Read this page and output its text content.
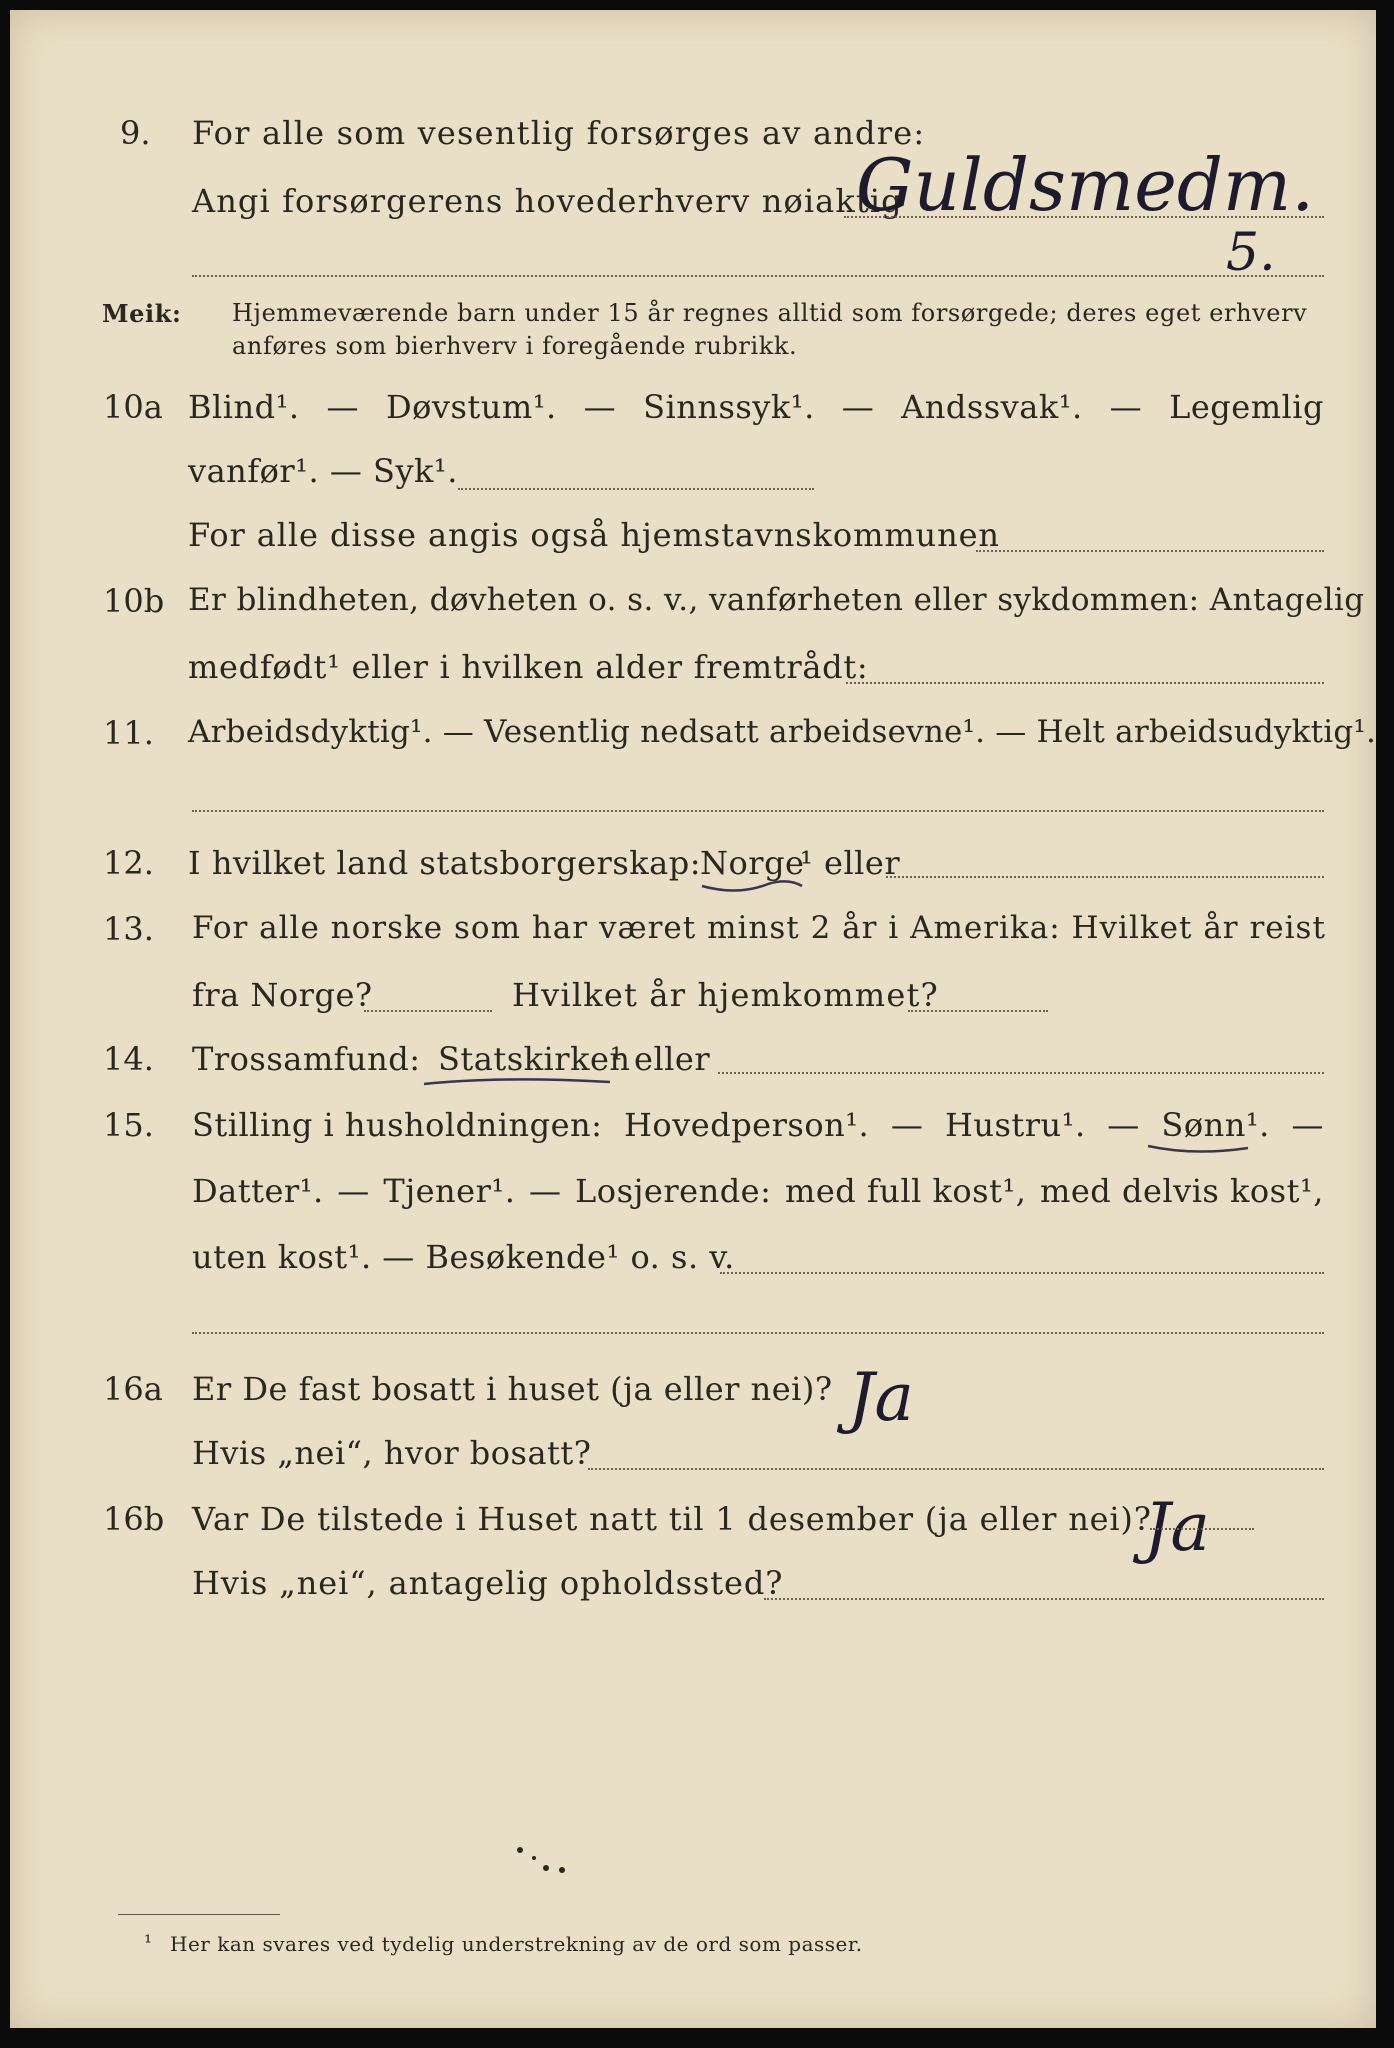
9. For alle som vesentlig forsørges av andre:
Angi forsørgerens hovederhverv nøiaktig
Guldsmedm.
5.
Meik: Hjemmeværende barn under 15 år regnes alltid som forsørgede; deres eget erhverv
anføres som bierhverv i foregående rubrikk.
10a Blind¹. — Døvstum¹. — Sinnssyk¹. — Andssvak¹. — Legemlig
vanfør¹. — Syk¹.
For alle disse angis også hjemstavnskommunen
10b Er blindheten, døvheten o. s. v., vanførheten eller sykdommen: Antagelig
medfødt¹ eller i hvilken alder fremtrådt:
11. Arbeidsdyktig¹. — Vesentlig nedsatt arbeidsevne¹. — Helt arbeidsudyktig¹.
12. I hvilket land statsborgerskap: Norge
¹ eller
13. For alle norske som har været minst 2 år i Amerika: Hvilket år reist
fra Norge?	Hvilket år hjemkommet?
14. Trossamfund: Statskirken
¹ eller
15. Stilling i husholdningen: Hovedperson¹. — Hustru¹. — Sønn¹. —
Datter¹. — Tjener¹. — Losjerende: med full kost¹, med delvis kost¹,
uten kost¹. — Besøkende¹ o. s. v.
16a Er De fast bosatt i huset (ja eller nei)? Ja
Hvis „nei“, hvor bosatt?
16b Var De tilstede i Huset natt til 1 desember (ja eller nei)?
Ja
Hvis „nei“, antagelig opholdssted?
¹ Her kan svares ved tydelig understrekning av de ord som passer.
